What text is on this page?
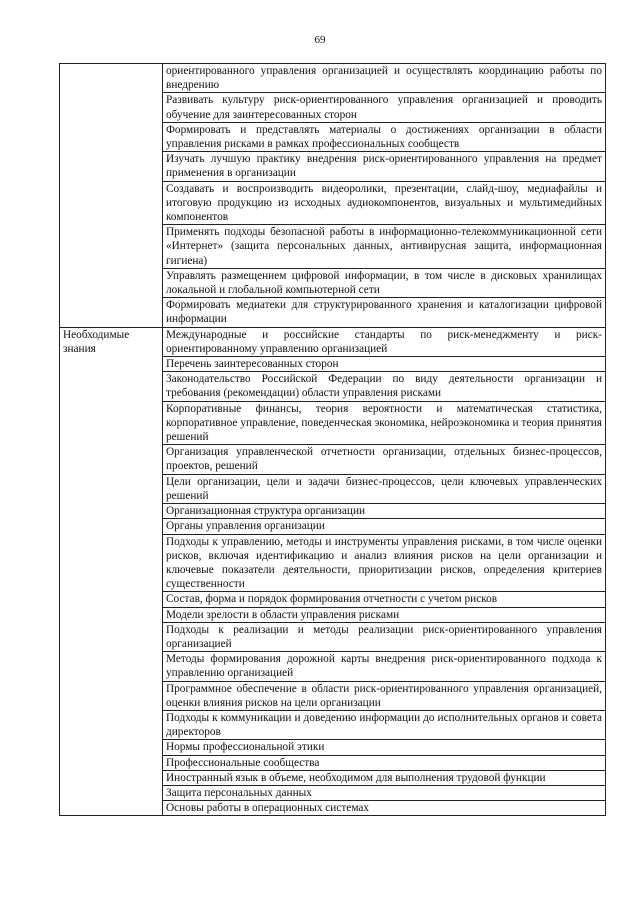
69
	ориентированного управления организацией и осуществлять координацию работы по внедрению
	Развивать культуру риск-ориентированного управления организацией и проводить обучение для заинтересованных сторон
	Формировать и представлять материалы о достижениях организации в области управления рисками в рамках профессиональных сообществ
	Изучать лучшую практику внедрения риск-ориентированного управления на предмет применения в организации
	Создавать и воспроизводить видеоролики, презентации, слайд-шоу, медиафайлы и итоговую продукцию из исходных аудиокомпонентов, визуальных и мультимедийных компонентов
	Применять подходы безопасной работы в информационно-телекоммуникационной сети «Интернет» (защита персональных данных, антивирусная защита, информационная гигиена)
	Управлять размещением цифровой информации, в том числе в дисковых хранилищах локальной и глобальной компьютерной сети
	Формировать медиатеки для структурированного хранения и каталогизации цифровой информации
Необходимые знания	Международные и российские стандарты по риск-менеджменту и риск-ориентированному управлению организацией
	Перечень заинтересованных сторон
	Законодательство Российской Федерации по виду деятельности организации и требования (рекомендации) области управления рисками
	Корпоративные финансы, теория вероятности и математическая статистика, корпоративное управление, поведенческая экономика, нейроэкономика и теория принятия решений
	Организация управленческой отчетности организации, отдельных бизнес-процессов, проектов, решений
	Цели организации, цели и задачи бизнес-процессов, цели ключевых управленческих решений
	Организационная структура организации
	Органы управления организации
	Подходы к управлению, методы и инструменты управления рисками, в том числе оценки рисков, включая идентификацию и анализ влияния рисков на цели организации и ключевые показатели деятельности, приоритизации рисков, определения критериев существенности
	Состав, форма и порядок формирования отчетности с учетом рисков
	Модели зрелости в области управления рисками
	Подходы к реализации и методы реализации риск-ориентированного управления организацией
	Методы формирования дорожной карты внедрения риск-ориентированного подхода к управлению организацией
	Программное обеспечение в области риск-ориентированного управления организацией, оценки влияния рисков на цели организации
	Подходы к коммуникации и доведению информации до исполнительных органов и совета директоров
	Нормы профессиональной этики
	Профессиональные сообщества
	Иностранный язык в объеме, необходимом для выполнения трудовой функции
	Защита персональных данных
	Основы работы в операционных системах
